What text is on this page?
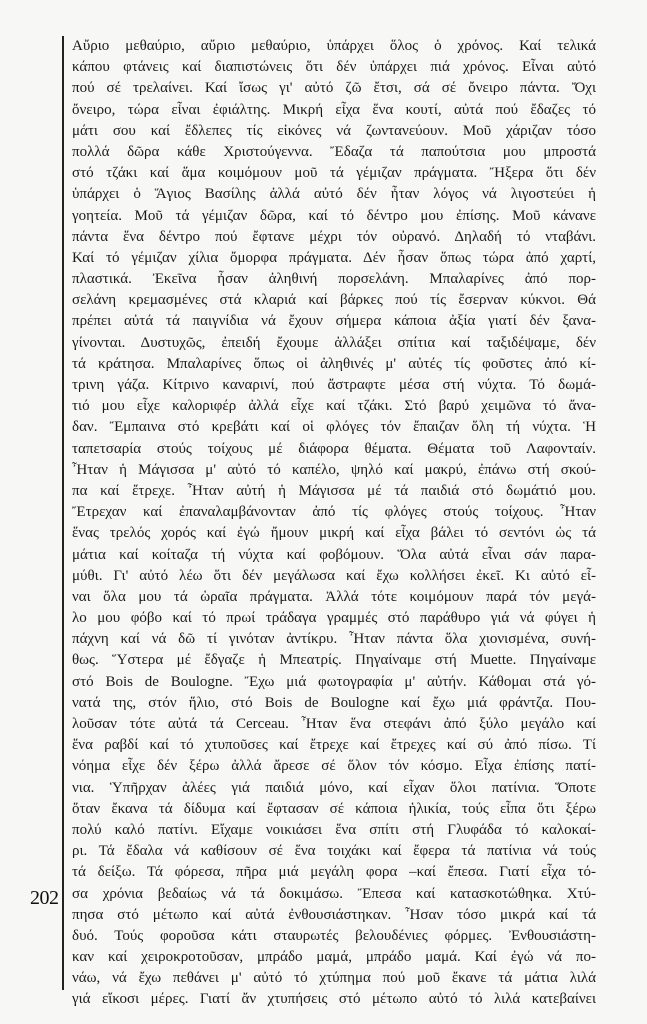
202
Αὔριο μεθαύριο, αὔριο μεθαύριο, ὑπάρχει ὅλος ὁ χρόνος. Καί τελικά
κάπου φτάνεις καί διαπιστώνεις ὅτι δέν ὑπάρχει πιά χρόνος. Εἶναι αὐτό
πού σέ τρελαίνει. Καί ἴσως γι' αὐτό ζῶ ἔτσι, σά σέ ὄνειρο πάντα. Ὄχι
ὄνειρο, τώρα εἶναι ἐφιάλτης. Μικρή εἶχα ἕνα κουτί, αὐτά πού ἔδαζες τό
μάτι σου καί ἔδλεπες τίς εἰκόνες νά ζωντανεύουν. Μοῦ χάριζαν τόσο
πολλά δῶρα κάθε Χριστούγεννα. Ἔδαζα τά παπούτσια μου μπροστά
στό τζάκι καί ἅμα κοιμόμουν μοῦ τά γέμιζαν πράγματα. Ἤξερα ὅτι δέν
ὑπάρχει ὁ Ἅγιος Βασίλης ἀλλά αὐτό δέν ἦταν λόγος νά λιγοστεύει ἡ
γοητεία. Μοῦ τά γέμιζαν δῶρα, καί τό δέντρο μου ἐπίσης. Μοῦ κάνανε
πάντα ἕνα δέντρο πού ἔφτανε μέχρι τόν οὐρανό. Δηλαδή τό νταβάνι.
Καί τό γέμιζαν χίλια ὄμορφα πράγματα. Δέν ἦσαν ὅπως τώρα ἀπό χαρτί,
πλαστικά. Ἐκεῖνα ἦσαν ἀληθινή πορσελάνη. Μπαλαρίνες ἀπό πορ-
σελάνη κρεμασμένες στά κλαριά καί βάρκες πού τίς ἔσερναν κύκνοι. Θά
πρέπει αὐτά τά παιγνίδια νά ἔχουν σήμερα κάποια ἀξία γιατί δέν ξανα-
γίνονται. Δυστυχῶς, ἐπειδή ἔχουμε ἀλλάξει σπίτια καί ταξιδέψαμε, δέν
τά κράτησα. Μπαλαρίνες ὅπως οἱ ἀληθινές μ' αὐτές τίς φοῦστες ἀπό κί-
τρινη γάζα. Κίτρινο καναρινί, πού ἄστραφτε μέσα στή νύχτα. Τό δωμά-
τιό μου εἶχε καλοριφέρ ἀλλά εἶχε καί τζάκι. Στό βαρύ χειμῶνα τό ἄνα-
δαν. Ἔμπαινα στό κρεβάτι καί οἱ φλόγες τόν ἔπαιζαν ὅλη τή νύχτα. Ἡ
ταπετσαρία στούς τοίχους μέ διάφορα θέματα. Θέματα τοῦ Λαφονταίν.
Ἦταν ἡ Μάγισσα μ' αὐτό τό καπέλο, ψηλό καί μακρύ, ἐπάνω στή σκού-
πα καί ἔτρεχε. Ἦταν αὐτή ἡ Μάγισσα μέ τά παιδιά στό δωμάτιό μου.
Ἔτρεχαν καί ἐπαναλαμβάνονταν ἀπό τίς φλόγες στούς τοίχους. Ἦταν
ἕνας τρελός χορός καί ἐγώ ἤμουν μικρή καί εἶχα βάλει τό σεντόνι ὡς τά
μάτια καί κοίταζα τή νύχτα καί φοβόμουν. Ὅλα αὐτά εἶναι σάν παρα-
μύθι. Γι' αὐτό λέω ὅτι δέν μεγάλωσα καί ἔχω κολλήσει ἐκεῖ. Κι αὐτό εἶ-
ναι ὅλα μου τά ὡραῖα πράγματα. Ἀλλά τότε κοιμόμουν παρά τόν μεγά-
λο μου φόβο καί τό πρωί τράδαγα γραμμές στό παράθυρο γιά νά φύγει ἡ
πάχνη καί νά δῶ τί γινόταν ἀντίκρυ. Ἦταν πάντα ὅλα χιονισμένα, συνή-
θως. Ὕστερα μέ ἔδγαζε ἡ Μπεατρίς. Πηγαίναμε στή Muette. Πηγαίναμε
στό Bois de Boulogne. Ἔχω μιά φωτογραφία μ' αὐτήν. Κάθομαι στά γό-
νατά της, στόν ἥλιο, στό Bois de Boulogne καί ἔχω μιά φράντζα. Που-
λοῦσαν τότε αὐτά τά Cerceau. Ἦταν ἕνα στεφάνι ἀπό ξύλο μεγάλο καί
ἕνα ραβδί καί τό χτυποῦσες καί ἔτρεχε καί ἔτρεχες καί σύ ἀπό πίσω. Τί
νόημα εἶχε δέν ξέρω ἀλλά ἄρεσε σέ ὅλον τόν κόσμο. Εἶχα ἐπίσης πατί-
νια. Ὑπῆρχαν ἀλέες γιά παιδιά μόνο, καί εἶχαν ὅλοι πατίνια. Ὅποτε
ὅταν ἔκανα τά δίδυμα καί ἔφτασαν σέ κάποια ἡλικία, τούς εἶπα ὅτι ξέρω
πολύ καλό πατίνι. Εἴχαμε νοικιάσει ἕνα σπίτι στή Γλυφάδα τό καλοκαί-
ρι. Τά ἔδαλα νά καθίσουν σέ ἕνα τοιχάκι καί ἔφερα τά πατίνια νά τούς
τά δείξω. Τά φόρεσα, πῆρα μιά μεγάλη φορα –καί ἔπεσα. Γιατί εἶχα τό-
σα χρόνια βεδαίως νά τά δοκιμάσω. Ἔπεσα καί κατασκοτώθηκα. Χτύ-
πησα στό μέτωπο καί αὐτά ἐνθουσιάστηκαν. Ἦσαν τόσο μικρά καί τά
δυό. Τούς φοροῦσα κάτι σταυρωτές βελουδένιες φόρμες. Ἐνθουσιάστη-
καν καί χειροκροτοῦσαν, μπράδο μαμά, μπράδο μαμά. Καί ἐγώ νά πο-
νάω, νά ἔχω πεθάνει μ' αὐτό τό χτύπημα πού μοῦ ἔκανε τά μάτια λιλά
γιά εἴκοσι μέρες. Γιατί ἄν χτυπήσεις στό μέτωπο αὐτό τό λιλά κατεβαίνει
